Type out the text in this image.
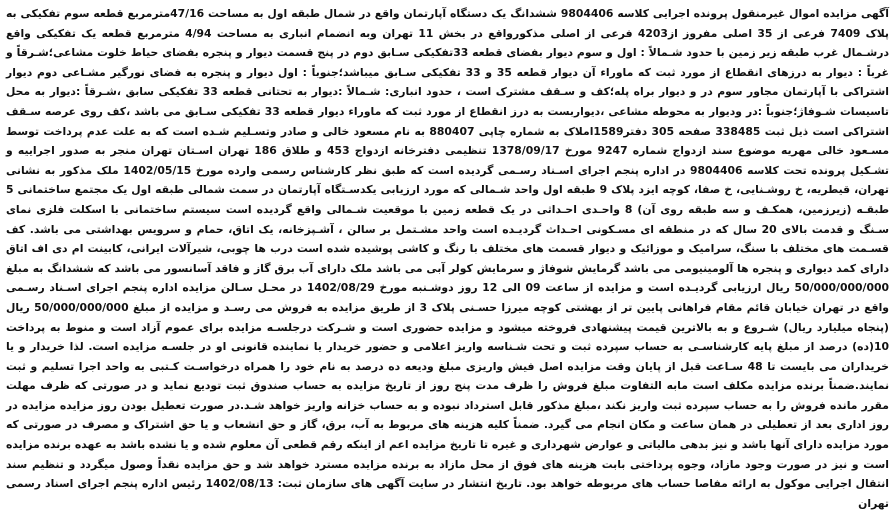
آگهی مزایده اموال غیرمنقول پرونده اجرایی کلاسه 9804406 ششدانگ یک دستگاه آپارتمان واقع در شمال طبقه اول به مساحت 47/16مترمربع قطعه سوم تفکیکی به پلاک 7409 فرعی از 35 اصلی مفروز از4203 فرعی از اصلی مذکورواقع در بخش 11 تهران وبه انضمام انباری به مساحت 4/94 مترمربع قطعه یک تفکیکی واقع درشـمال غرب طبقه زیر زمین با حدود شـمالاً : اول و سوم دیوار بفضای قطعه 33تفکیکی سـابق دوم در پنج قسمت دیوار و پنجره بفضای حیاط خلوت مشاعی؛شـرقاً و غرباً : دیوار به درزهای انقطاع از مورد ثبت که ماوراء آن دیوار قطعه 35 و 33 تفکیکی سـابق میباشد؛جنوباً : اول دیوار و پنجره به فضای نورگیر مشـاعی دوم دیوار اشتراکی با آپارتمان مجاور سوم در و دیوار براه پله؛کف و سـقف مشترک است ، حدود انباری: شـمالاً :دیوار به تحتانی قطعه 33 تفکیکی سابق ،شـرقاً :دیوار به محل تاسیسات شـوفاژ؛جنوباً :در ودیوار به محوطه مشاعی ،دیواربست به درز انقطاع از مورد ثبت که ماوراء دیوار قطعه 33 تفکیکی سـابق می باشد ،کف روی عرصه سـقف اشتراکی است ذیل ثبت 338485 صفحه 305 دفتر1589املاک به شماره چاپی 880407 به نام مسعود خالی و صادر وتسـلیم شـده است که به علت عدم پرداخت توسط مسـعود خالی مهریه موضوع سند ازدواج شماره 9247 مورخ 1378/09/17 تنظیمی دفترخانه ازدواج 453 و طلاق 186 تهران اسـتان تهران منجر به صدور اجراییه و تشـکیل پرونده تحت کلاسه 9804406 در اداره پنجم اجرای اسـناد رسـمی گردیده است که طبق نظر کارشناس رسمی وارده مورخ 1402/05/15 ملک مذکور به نشانی تهران، قیطریه، خ روشـنایی، خ صفا، کوچه ایزد پلاک 9 طبقه اول واحد شـمالی که مورد ارزیابی یکدسـتگاه آپارتمان در سمت شمالی طبقه اول یک مجتمع ساختمانی 5 طبقـه (زیرزمین، همکـف و سه طبقه روی آن) 8 واحـدی احـداثی در یک قطعه زمین با موقعیت شـمالی واقع گردیده است سیستم ساختمانی با اسکلت فلزی نمای سـنگ و قدمت بالای 20 سال که در منطقه ای مسـکونی احـداث گردیـده است واحد مشـتمل بر سالن ، آشـپزخانه، یک اتاق، حمام و سرویس بهداشتی می باشد. کف قسـمت های مختلف با سنگ، سرامیک و موزائیک و دیوار قسمت های مختلف با رنگ و کاشی پوشیده شده است درب ها چوبی، شیرآلات ایرانی، کابینت ام دی اف اتاق دارای کمد دیواری و پنجره ها آلومینیومی می باشد گرمایش شوفاژ و سرمایش کولر آبی می باشد ملک دارای آب برق گاز و فاقد آسانسور می باشد که ششدانگ به مبلغ 50/000/000/000 ریال ارزیابی گردیـده است و مزایده از ساعت 09 الی 12 روز دوشـنبه مورخ 1402/08/29 در محـل سـالن مزایده اداره پنجم اجرای اسـناد رسـمی واقع در تهران خیابان قائم مقام فراهانی پایین تر از بهشتی کوچه میرزا حسـنی پلاک 3 از طریق مزایده به فروش می رسـد و مزایده از مبلغ 50/000/000/000 ریال (پنجاه میلیارد ریال) شـروع و به بالاترین قیمت پیشنهادی فروخته میشود و مزایده حضوری است و شـرکت درجلسـه مزایده برای عموم آزاد است و منوط به پرداخت 10(ده) درصد از مبلغ پایه کارشناسـی به حساب سپرده ثبت و تحت شـناسه واریز اعلامی و حضور خریدار یا نماینده قانونی او در جلسـه مزایده است. لذا خریدار و یا خریداران می بایست تا 48 سـاعت قبل از پایان وقت مزایده اصل فیش واریزی مبلغ ودیعه ده درصد به نام خود را همراه درخواسـت کـتبی به واحد اجرا تسلیم و ثبت نمایند.ضمناً برنده مزایده مکلف است مابه التفاوت مبلغ فروش را ظرف مدت پنج روز از تاریخ مزایده به حساب صندوق ثبت تودیع نماید و در صورتی که ظرف مهلت مقرر مانده فروش را به حساب سپرده ثبت واریز نکند ،مبلغ مذکور قابل استرداد نبوده و به حساب خزانه واریز خواهد شـد.در صورت تعطیل بودن روز مزایده مزایده در روز اداری بعد از تعطیلی در همان ساعت و مکان انجام می گیرد. ضمناً کلیه هزینه های مربوط به آب، برق، گاز و حق انشعاب و یا حق اشتراک و مصرف در صورتی که مورد مزایده دارای آنها باشد و نیز بدهی مالیاتی و عوارض شهرداری و غیره تا تاریخ مزایده اعم از اینکه رقم قطعی آن معلوم شده و یا نشده باشد به عهده برنده مزایده است و نیز در صورت وجود مازاد، وجوه پرداختی بابت هزینه های فوق از محل مازاد به برنده مزایده مسترد خواهد شد و حق مزایده نقداً وصول میگردد و تنظیم سند انتقال اجرایی موکول به ارائه مفاصا حساب های مربوطه خواهد بود. تاریخ انتشار در سایت آگهی های سازمان ثبت: 1402/08/13 رئیس اداره پنجم اجرای اسناد رسمی تهران
